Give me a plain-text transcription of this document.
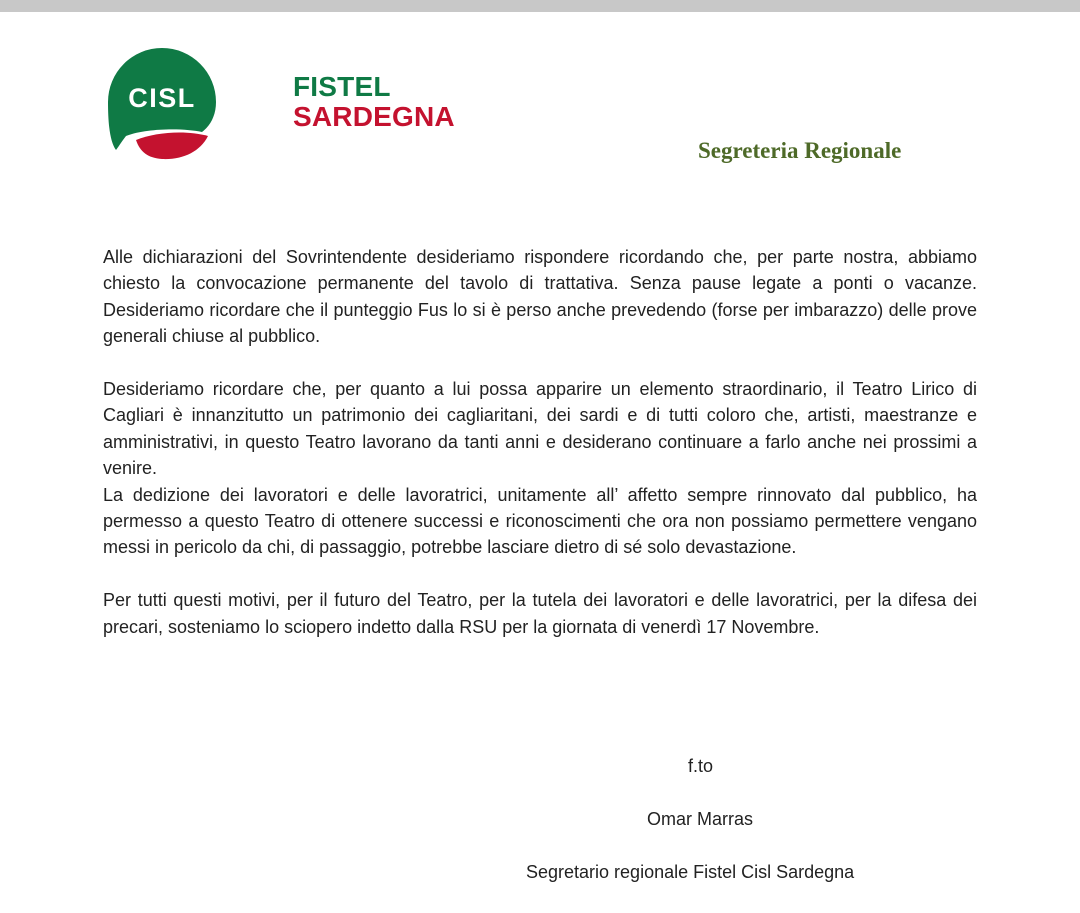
CISL	FISTEL
SARDEGNA
Segreteria Regionale

Alle dichiarazioni del Sovrintendente desideriamo rispondere ricordando che, per parte nostra, abbiamo chiesto la convocazione permanente del tavolo di trattativa. Senza pause legate a ponti o vacanze. Desideriamo ricordare che il punteggio Fus lo si è perso anche prevedendo (forse per imbarazzo) delle prove generali chiuse al pubblico.

Desideriamo ricordare che, per quanto a lui possa apparire un elemento straordinario, il Teatro Lirico di Cagliari è innanzitutto un patrimonio dei cagliaritani, dei sardi e di tutti coloro che, artisti, maestranze e amministrativi, in questo Teatro lavorano da tanti anni e desiderano continuare a farlo anche nei prossimi a venire.

La dedizione dei lavoratori e delle lavoratrici, unitamente all’ affetto sempre rinnovato dal pubblico, ha permesso a questo Teatro di ottenere successi e riconoscimenti che ora non possiamo permettere vengano messi in pericolo da chi, di passaggio, potrebbe lasciare dietro di sé solo devastazione.

Per tutti questi motivi, per il futuro del Teatro, per la tutela dei lavoratori e delle lavoratrici, per la difesa dei precari, sosteniamo lo sciopero indetto dalla RSU per la giornata di venerdì 17 Novembre.

f.to
Omar Marras
Segretario regionale Fistel Cisl Sardegna
